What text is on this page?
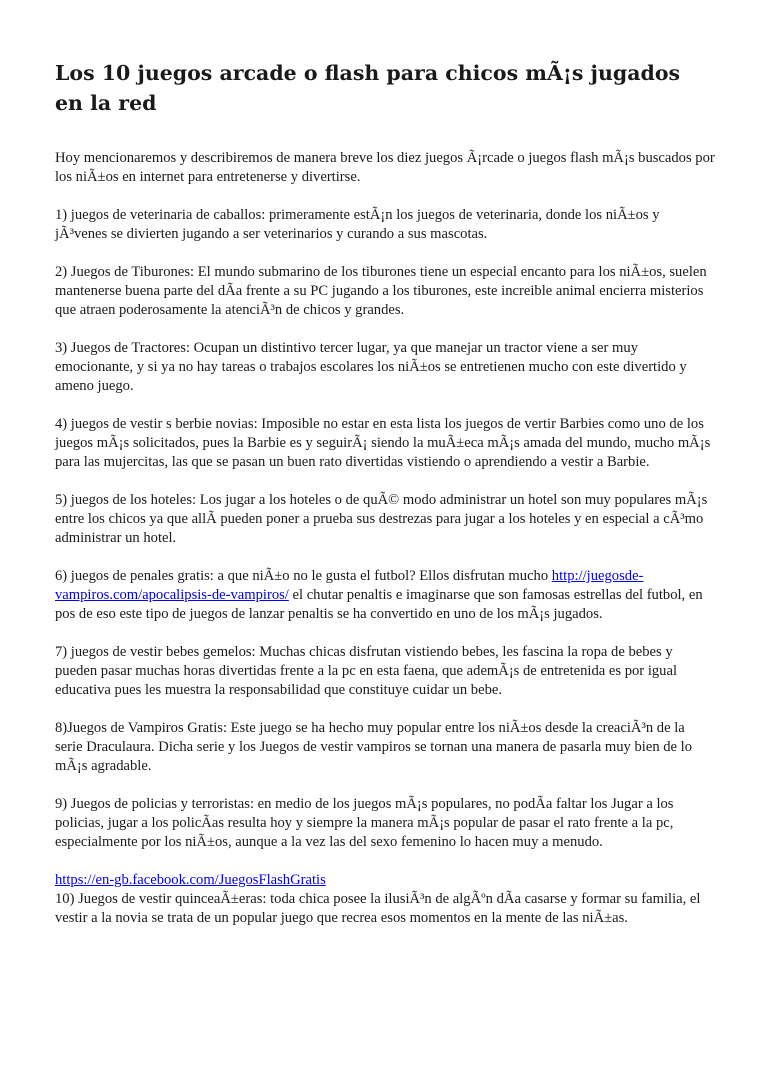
Los 10 juegos arcade o flash para chicos mÃ¡s jugados en la red

Hoy mencionaremos y describiremos de manera breve los diez juegos Ã¡rcade o juegos flash mÃ¡s buscados por los niÃ±os en internet para entretenerse y divertirse.

1) juegos de veterinaria de caballos: primeramente estÃ¡n los juegos de veterinaria, donde los niÃ±os y jÃ³venes se divierten jugando a ser veterinarios y curando a sus mascotas.

2) Juegos de Tiburones: El mundo submarino de los tiburones tiene un especial encanto para los niÃ±os, suelen mantenerse buena parte del dÃa frente a su PC jugando a los tiburones, este increible animal encierra misterios que atraen poderosamente la atenciÃ³n de chicos y grandes.

3) Juegos de Tractores: Ocupan un distintivo tercer lugar, ya que manejar un tractor viene a ser muy emocionante, y si ya no hay tareas o trabajos escolares los niÃ±os se entretienen mucho con este divertido y ameno juego.

4) juegos de vestir s berbie novias: Imposible no estar en esta lista los juegos de vertir Barbies como uno de los juegos mÃ¡s solicitados, pues la Barbie es y seguirÃ¡ siendo la muÃ±eca mÃ¡s amada del mundo, mucho mÃ¡s para las mujercitas, las que se pasan un buen rato divertidas vistiendo o aprendiendo a vestir a Barbie.

5) juegos de los hoteles: Los jugar a los hoteles o de quÃ© modo administrar un hotel son muy populares mÃ¡s entre los chicos ya que allÃ pueden poner a prueba sus destrezas para jugar a los hoteles y en especial a cÃ³mo administrar un hotel.

6) juegos de penales gratis: a que niÃ±o no le gusta el futbol? Ellos disfrutan mucho http://juegosde-vampiros.com/apocalipsis-de-vampiros/ el chutar penaltis e imaginarse que son famosas estrellas del futbol, en pos de eso este tipo de juegos de lanzar penaltis se ha convertido en uno de los mÃ¡s jugados.

7) juegos de vestir bebes gemelos: Muchas chicas disfrutan vistiendo bebes, les fascina la ropa de bebes y pueden pasar muchas horas divertidas frente a la pc en esta faena, que ademÃ¡s de entretenida es por igual educativa pues les muestra la responsabilidad que constituye cuidar un bebe.

8)Juegos de Vampiros Gratis: Este juego se ha hecho muy popular entre los niÃ±os desde la creaciÃ³n de la serie Draculaura. Dicha serie y los Juegos de vestir vampiros se tornan una manera de pasarla muy bien de lo mÃ¡s agradable.

9) Juegos de policias y terroristas: en medio de los juegos mÃ¡s populares, no podÃa faltar los Jugar a los policias, jugar a los policÃas resulta hoy y siempre la manera mÃ¡s popular de pasar el rato frente a la pc, especialmente por los niÃ±os, aunque a la vez las del sexo femenino lo hacen muy a menudo.

https://en-gb.facebook.com/JuegosFlashGratis

10) Juegos de vestir quinceaÃ±eras: toda chica posee la ilusiÃ³n de algÃºn dÃa casarse y formar su familia, el vestir a la novia se trata de un popular juego que recrea esos momentos en la mente de las niÃ±as.
